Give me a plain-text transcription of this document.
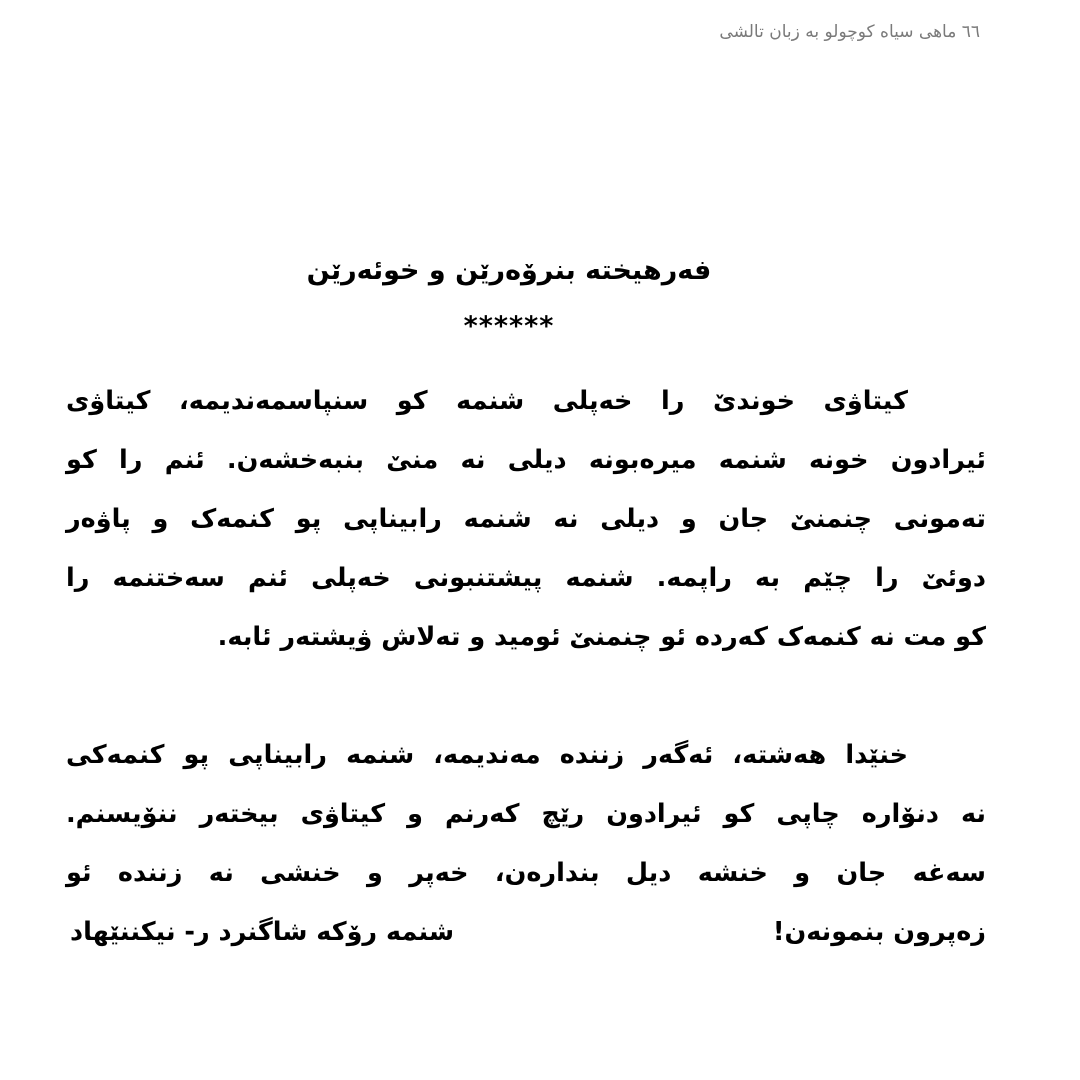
٦٦ ماهی سیاه کوچولو به زبان تالشی
فەرهیختە بنرۆەرێن و خوئەرێن
******
کیتاۋی خوندێ را خەپلی شنمە کو سنپاسمەندیمە، کیتاۋی
ئیرادون خونە شنمە میرەبونە دیلی نە منێ بنبەخشەن. ئنم را کو
تەمونی چنمنێ جان و دیلی نە شنمە رابیناپی پو کنمەک و پاۋەر
دوئێ را چێم بە راپمە. شنمە پیشتنبونی خەپلی ئنم سەختنمە را
کو مت نە کنمەک کەردە ئو چنمنێ ئومید و تەلاش ۋیشتەر ئابە.
خنێدا هەشتە، ئەگەر زنندە مەندیمە، شنمە رابیناپی پو کنمەکی
نە دنۆارە چاپی کو ئیرادون رێچ کەرنم و کیتاۋی بیختەر ننۆیسنم.
سەغە جان و خنشە دیل بندارەن، خەپر و خنشی نە زنندە ئو
زەپرون بنمونەن!
شنمە رۆکە شاگنرد ر- نیکننێهاد
